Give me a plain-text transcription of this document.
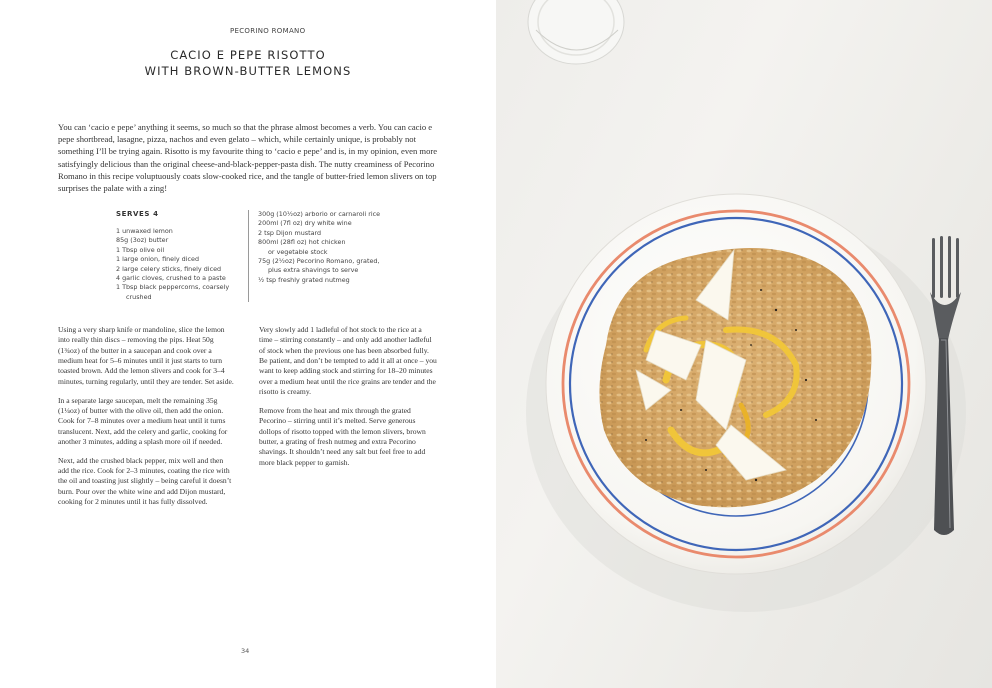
PECORINO ROMANO
CACIO E PEPE RISOTTO
WITH BROWN-BUTTER LEMONS

You can ‘cacio e pepe’ anything it seems, so much so that the phrase almost becomes a verb. You can cacio e pepe shortbread, lasagne, pizza, nachos and even gelato – which, while certainly unique, is probably not something I’ll be trying again. Risotto is my favourite thing to ‘cacio e pepe’ and is, in my opinion, even more satisfyingly delicious than the original cheese-and-black-pepper-pasta dish. The nutty creaminess of Pecorino Romano in this recipe voluptuously coats slow-cooked rice, and the tangle of butter-fried lemon slivers on top surprises the palate with a zing!

SERVES 4
1 unwaxed lemon
85g (3oz) butter
1 Tbsp olive oil
1 large onion, finely diced
2 large celery sticks, finely diced
4 garlic cloves, crushed to a paste
1 Tbsp black peppercorns, coarsely
crushed
300g (10½oz) arborio or carnaroli rice
200ml (7fl oz) dry white wine
2 tsp Dijon mustard
800ml (28fl oz) hot chicken
or vegetable stock
75g (2½oz) Pecorino Romano, grated,
plus extra shavings to serve
½ tsp freshly grated nutmeg

Using a very sharp knife or mandoline, slice the lemon into really thin discs – removing the pips. Heat 50g (1¾oz) of the butter in a saucepan and cook over a medium heat for 5–6 minutes until it just starts to turn toasted brown. Add the lemon slivers and cook for 3–4 minutes, turning regularly, until they are tender. Set aside.

In a separate large saucepan, melt the remaining 35g (1¼oz) of butter with the olive oil, then add the onion. Cook for 7–8 minutes over a medium heat until it turns translucent. Next, add the celery and garlic, cooking for another 3 minutes, adding a splash more oil if needed.

Next, add the crushed black pepper, mix well and then add the rice. Cook for 2–3 minutes, coating the rice with the oil and toasting just slightly – being careful it doesn’t burn. Pour over the white wine and add Dijon mustard, cooking for 2 minutes until it has fully dissolved.

Very slowly add 1 ladleful of hot stock to the rice at a time – stirring constantly – and only add another ladleful of stock when the previous one has been absorbed fully. Be patient, and don’t be tempted to add it all at once – you want to keep adding stock and stirring for 18–20 minutes over a medium heat until the rice grains are tender and the risotto is creamy.

Remove from the heat and mix through the grated Pecorino – stirring until it’s melted. Serve generous dollops of risotto topped with the lemon slivers, brown butter, a grating of fresh nutmeg and extra Pecorino shavings. It shouldn’t need any salt but feel free to add more black pepper to garnish.

34
